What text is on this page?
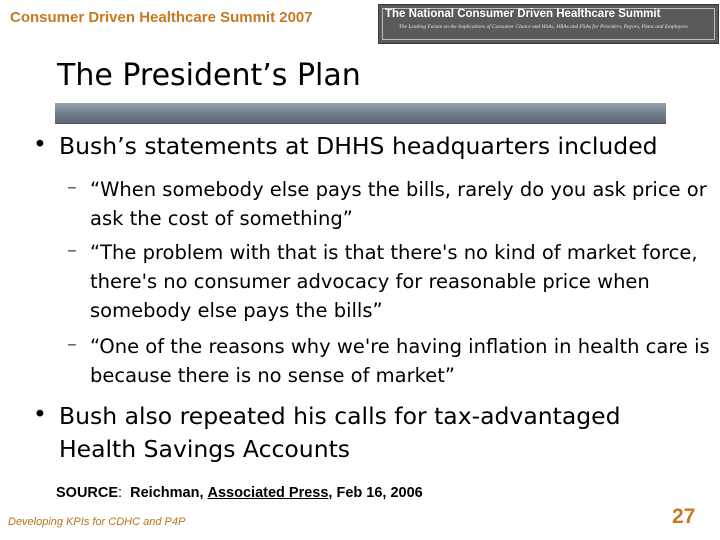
Consumer Driven Healthcare Summit 2007	The National Consumer Driven Healthcare Summit
The Leading Forum on the Implications of Consumer Choice and HSAs, HRAs and FSAs for Providers, Payors, Plans and Employers
The President’s Plan
• Bush’s statements at DHHS headquarters included
– “When somebody else pays the bills, rarely do you ask price or ask the cost of something”
– “The problem with that is that there's no kind of market force, there's no consumer advocacy for reasonable price when somebody else pays the bills”
– “One of the reasons why we're having inflation in health care is because there is no sense of market”
• Bush also repeated his calls for tax-advantaged Health Savings Accounts
SOURCE:  Reichman, Associated Press, Feb 16, 2006
Developing KPIs for CDHC and P4P	27
